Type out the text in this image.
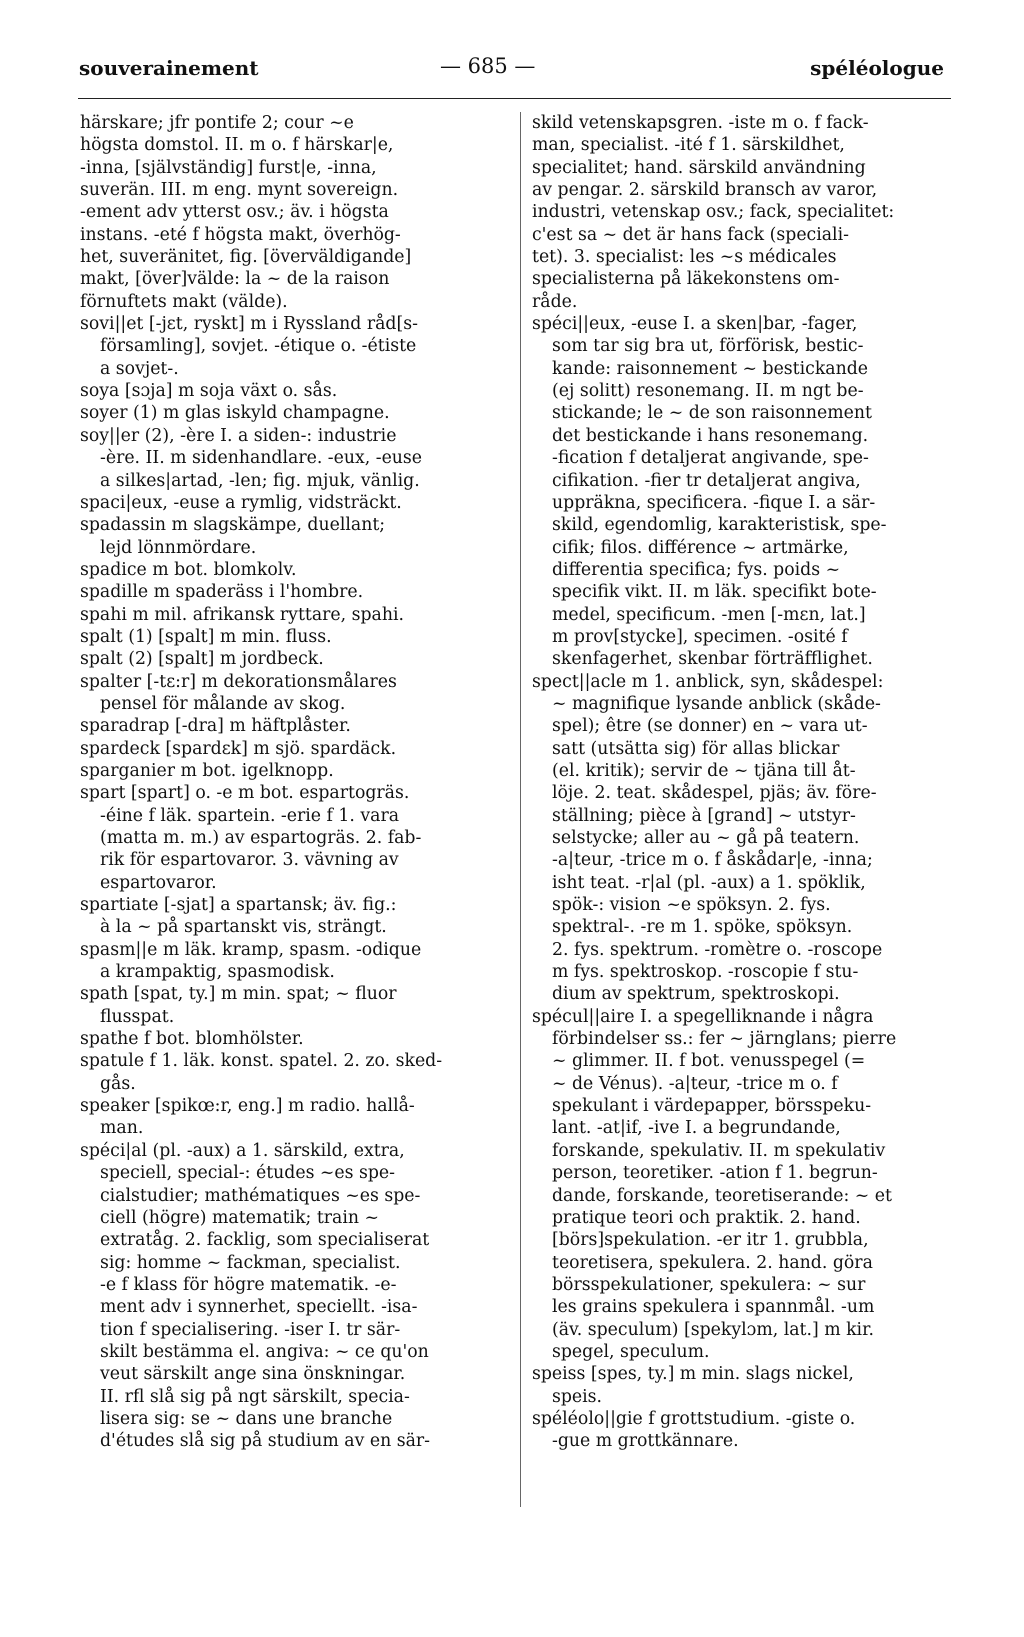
souverainement	— 685 —	spéléologue
härskare; jfr pontife 2; cour ~e
högsta domstol. II. m o. f härskar|e,
-inna, [självständig] furst|e, -inna,
suverän. III. m eng. mynt sovereign.
-ement adv ytterst osv.; äv. i högsta
instans. -eté f högsta makt, överhög-
het, suveränitet, fig. [överväldigande]
makt, [över]välde: la ~ de la raison
förnuftets makt (välde).
sovi||et [-jɛt, ryskt] m i Ryssland råd[s-
församling], sovjet. -étique o. -étiste
a sovjet-.
soya [sɔja] m soja växt o. sås.
soyer (1) m glas iskyld champagne.
soy||er (2), -ère I. a siden-: industrie
-ère. II. m sidenhandlare. -eux, -euse
a silkes|artad, -len; fig. mjuk, vänlig.
spaci|eux, -euse a rymlig, vidsträckt.
spadassin m slagskämpe, duellant;
lejd lönnmördare.
spadice m bot. blomkolv.
spadille m spaderäss i l'hombre.
spahi m mil. afrikansk ryttare, spahi.
spalt (1) [spalt] m min. fluss.
spalt (2) [spalt] m jordbeck.
spalter [-tɛ:r] m dekorationsmålares
pensel för målande av skog.
sparadrap [-dra] m häftplåster.
spardeck [spardɛk] m sjö. spardäck.
sparganier m bot. igelknopp.
spart [spart] o. -e m bot. espartogräs.
-éine f läk. spartein. -erie f 1. vara
(matta m. m.) av espartogräs. 2. fab-
rik för espartovaror. 3. vävning av
espartovaror.
spartiate [-sjat] a spartansk; äv. fig.:
à la ~ på spartanskt vis, strängt.
spasm||e m läk. kramp, spasm. -odique
a krampaktig, spasmodisk.
spath [spat, ty.] m min. spat; ~ fluor
flusspat.
spathe f bot. blomhölster.
spatule f 1. läk. konst. spatel. 2. zo. sked-
gås.
speaker [spikœ:r, eng.] m radio. hallå-
man.
spéci|al (pl. -aux) a 1. särskild, extra,
speciell, special-: études ~es spe-
cialstudier; mathématiques ~es spe-
ciell (högre) matematik; train ~
extratåg. 2. facklig, som specialiserat
sig: homme ~ fackman, specialist.
-e f klass för högre matematik. -e-
ment adv i synnerhet, speciellt. -isa-
tion f specialisering. -iser I. tr sär-
skilt bestämma el. angiva: ~ ce qu'on
veut särskilt ange sina önskningar.
II. rfl slå sig på ngt särskilt, specia-
lisera sig: se ~ dans une branche
d'études slå sig på studium av en sär-
skild vetenskapsgren. -iste m o. f fack-
man, specialist. -ité f 1. särskildhet,
specialitet; hand. särskild användning
av pengar. 2. särskild bransch av varor,
industri, vetenskap osv.; fack, specialitet:
c'est sa ~ det är hans fack (speciali-
tet). 3. specialist: les ~s médicales
specialisterna på läkekonstens om-
råde.
spéci||eux, -euse I. a sken|bar, -fager,
som tar sig bra ut, förförisk, bestic-
kande: raisonnement ~ bestickande
(ej solitt) resonemang. II. m ngt be-
stickande; le ~ de son raisonnement
det bestickande i hans resonemang.
-fication f detaljerat angivande, spe-
cifikation. -fier tr detaljerat angiva,
uppräkna, specificera. -fique I. a sär-
skild, egendomlig, karakteristisk, spe-
cifik; filos. différence ~ artmärke,
differentia specifica; fys. poids ~
specifik vikt. II. m läk. specifikt bote-
medel, specificum. -men [-mɛn, lat.]
m prov[stycke], specimen. -osité f
skenfagerhet, skenbar förträfflighet.
spect||acle m 1. anblick, syn, skådespel:
~ magnifique lysande anblick (skåde-
spel); être (se donner) en ~ vara ut-
satt (utsätta sig) för allas blickar
(el. kritik); servir de ~ tjäna till åt-
löje. 2. teat. skådespel, pjäs; äv. före-
ställning; pièce à [grand] ~ utstyr-
selstycke; aller au ~ gå på teatern.
-a|teur, -trice m o. f åskådar|e, -inna;
isht teat. -r|al (pl. -aux) a 1. spöklik,
spök-: vision ~e spöksyn. 2. fys.
spektral-. -re m 1. spöke, spöksyn.
2. fys. spektrum. -romètre o. -roscope
m fys. spektroskop. -roscopie f stu-
dium av spektrum, spektroskopi.
spécul||aire I. a spegelliknande i några
förbindelser ss.: fer ~ järnglans; pierre
~ glimmer. II. f bot. venusspegel (=
~ de Vénus). -a|teur, -trice m o. f
spekulant i värdepapper, börsspeku-
lant. -at|if, -ive I. a begrundande,
forskande, spekulativ. II. m spekulativ
person, teoretiker. -ation f 1. begrun-
dande, forskande, teoretiserande: ~ et
pratique teori och praktik. 2. hand.
[börs]spekulation. -er itr 1. grubbla,
teoretisera, spekulera. 2. hand. göra
börsspekulationer, spekulera: ~ sur
les grains spekulera i spannmål. -um
(äv. speculum) [spekylɔm, lat.] m kir.
spegel, speculum.
speiss [spes, ty.] m min. slags nickel,
speis.
spéléolo||gie f grottstudium. -giste o.
-gue m grottkännare.
